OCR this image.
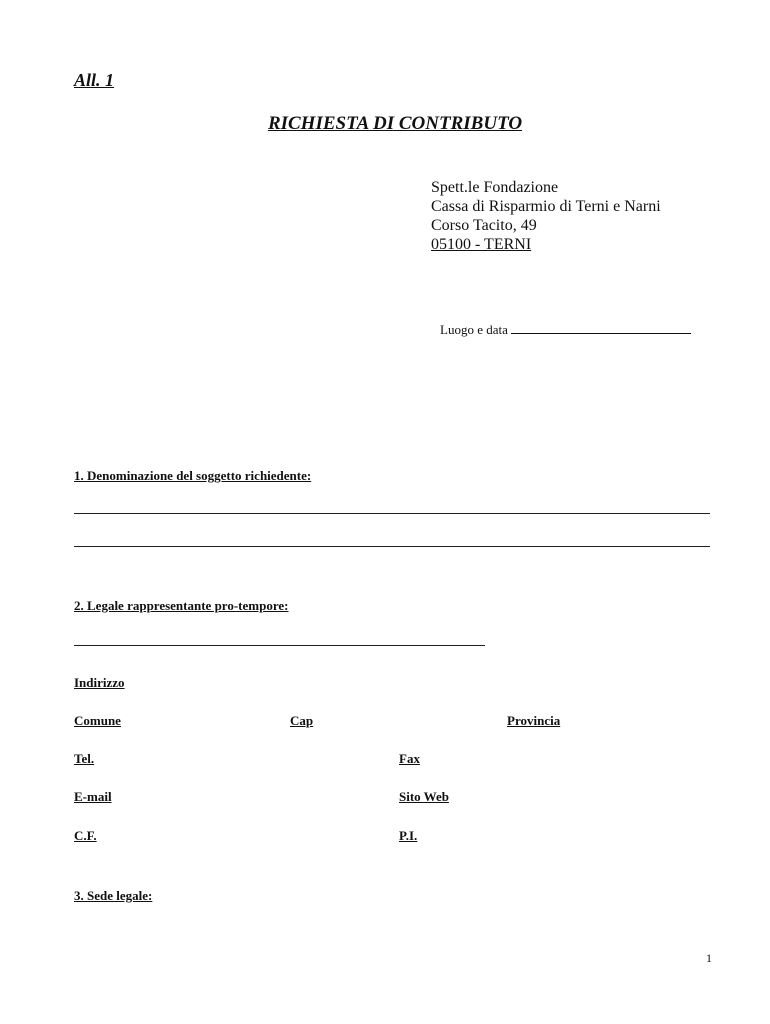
All. 1
RICHIESTA DI CONTRIBUTO
Spett.le Fondazione
Cassa di Risparmio di Terni e Narni
Corso Tacito, 49
05100 - TERNI
Luogo e data
1. Denominazione del soggetto richiedente:
2. Legale rappresentante pro-tempore:
Indirizzo
Comune	Cap	Provincia
Tel.	Fax
E-mail	Sito Web
C.F.	P.I.
3. Sede legale:
1
